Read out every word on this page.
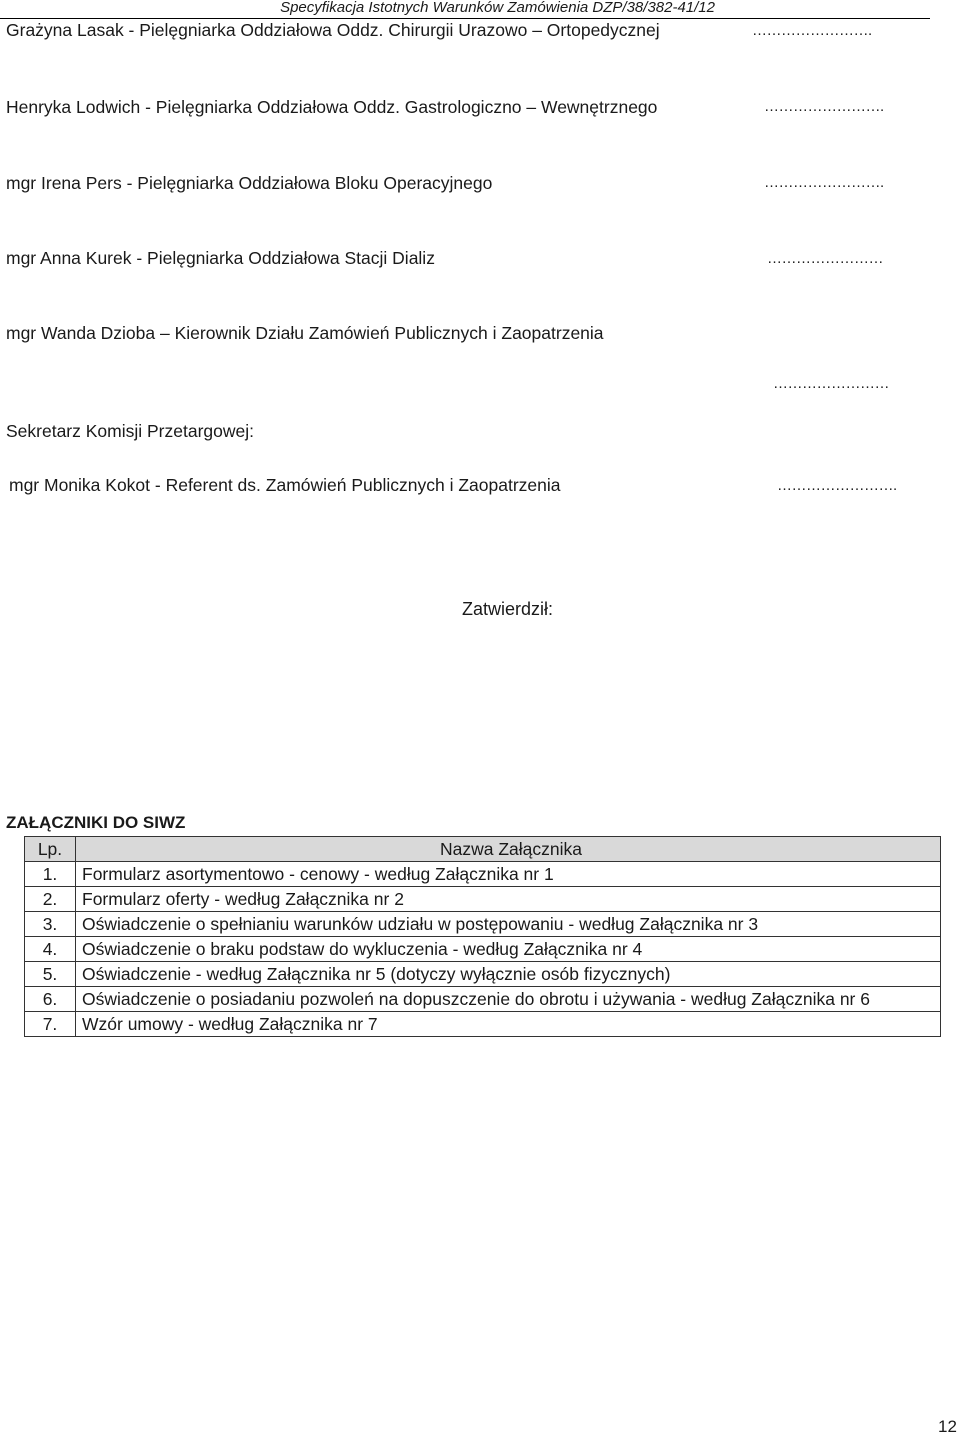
Specyfikacja Istotnych Warunków Zamówienia DZP/38/382-41/12
Grażyna Lasak - Pielęgniarka Oddziałowa Oddz. Chirurgii Urazowo – Ortopedycznej	…………………….
Henryka Lodwich - Pielęgniarka Oddziałowa Oddz. Gastrologiczno – Wewnętrznego	…………………….
mgr Irena Pers - Pielęgniarka Oddziałowa Bloku Operacyjnego	…………………….
mgr Anna Kurek - Pielęgniarka Oddziałowa Stacji Dializ	……………………
mgr Wanda Dzioba – Kierownik Działu Zamówień Publicznych i Zaopatrzenia
……………………
Sekretarz Komisji Przetargowej:
mgr Monika Kokot - Referent ds. Zamówień Publicznych i Zaopatrzenia	…………………….
Zatwierdził:
ZAŁĄCZNIKI DO SIWZ
Lp.	Nazwa Załącznika
1.	Formularz asortymentowo - cenowy - według Załącznika nr 1
2.	Formularz oferty - według Załącznika nr 2
3.	Oświadczenie o spełnianiu warunków udziału w postępowaniu - według Załącznika nr 3
4.	Oświadczenie o braku podstaw do wykluczenia - według Załącznika nr 4
5.	Oświadczenie - według Załącznika nr 5 (dotyczy wyłącznie osób fizycznych)
6.	Oświadczenie o posiadaniu pozwoleń na dopuszczenie do obrotu i używania - według Załącznika nr 6
7.	Wzór umowy - według Załącznika nr 7
12
